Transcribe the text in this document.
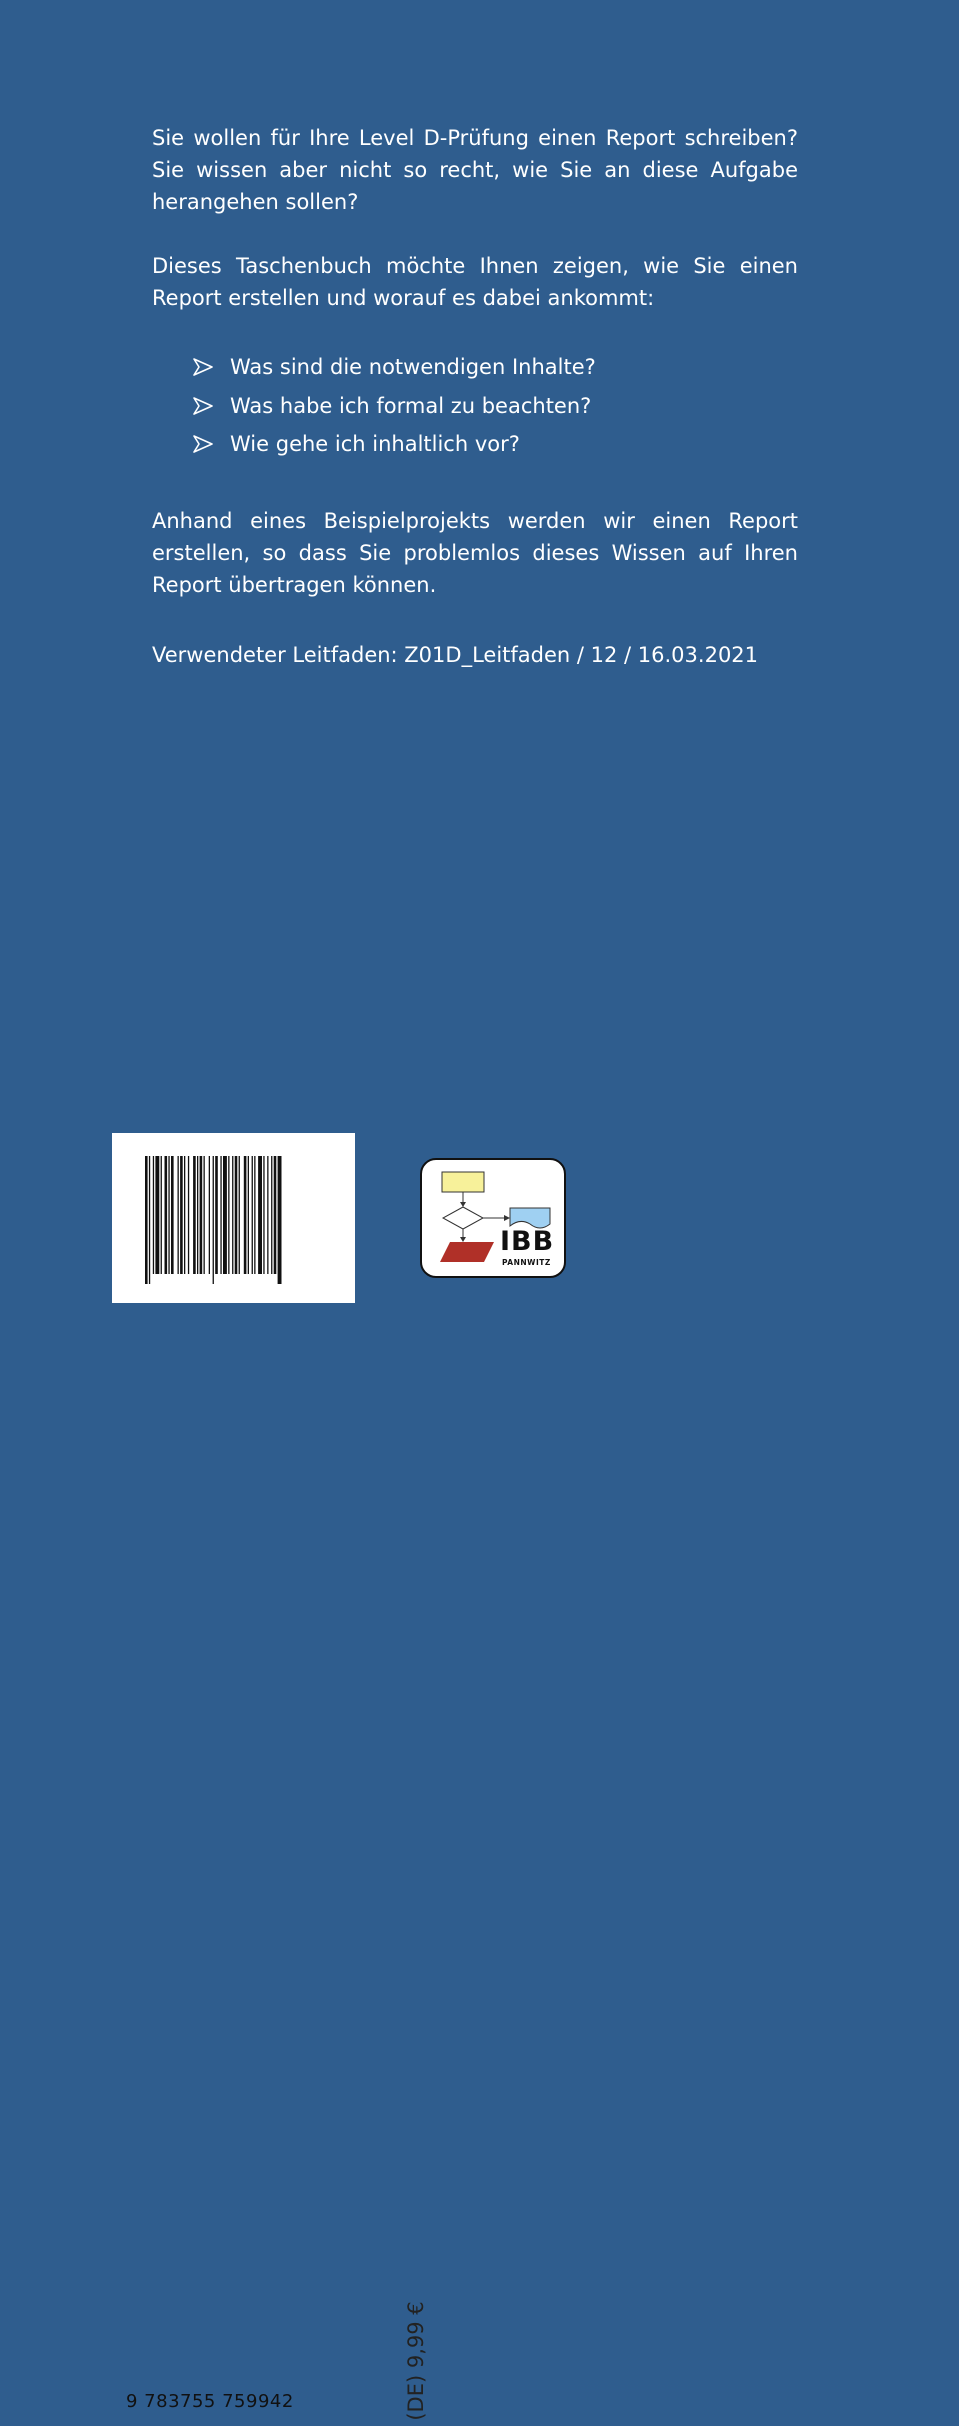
Sie wollen für Ihre Level D-Prüfung einen Report schreiben? Sie wissen aber nicht so recht, wie Sie an diese Aufgabe herangehen sollen?
Dieses Taschenbuch möchte Ihnen zeigen, wie Sie einen Report erstellen und worauf es dabei ankommt:
Was sind die notwendigen Inhalte?
Was habe ich formal zu beachten?
Wie gehe ich inhaltlich vor?
Anhand eines Beispielprojekts werden wir einen Report erstellen, so dass Sie problemlos dieses Wissen auf Ihren Report übertragen können.
Verwendeter Leitfaden: Z01D_Leitfaden / 12 / 16.03.2021
9 783755 759942	(DE) 9,99 €
IBB
PANNWITZ
